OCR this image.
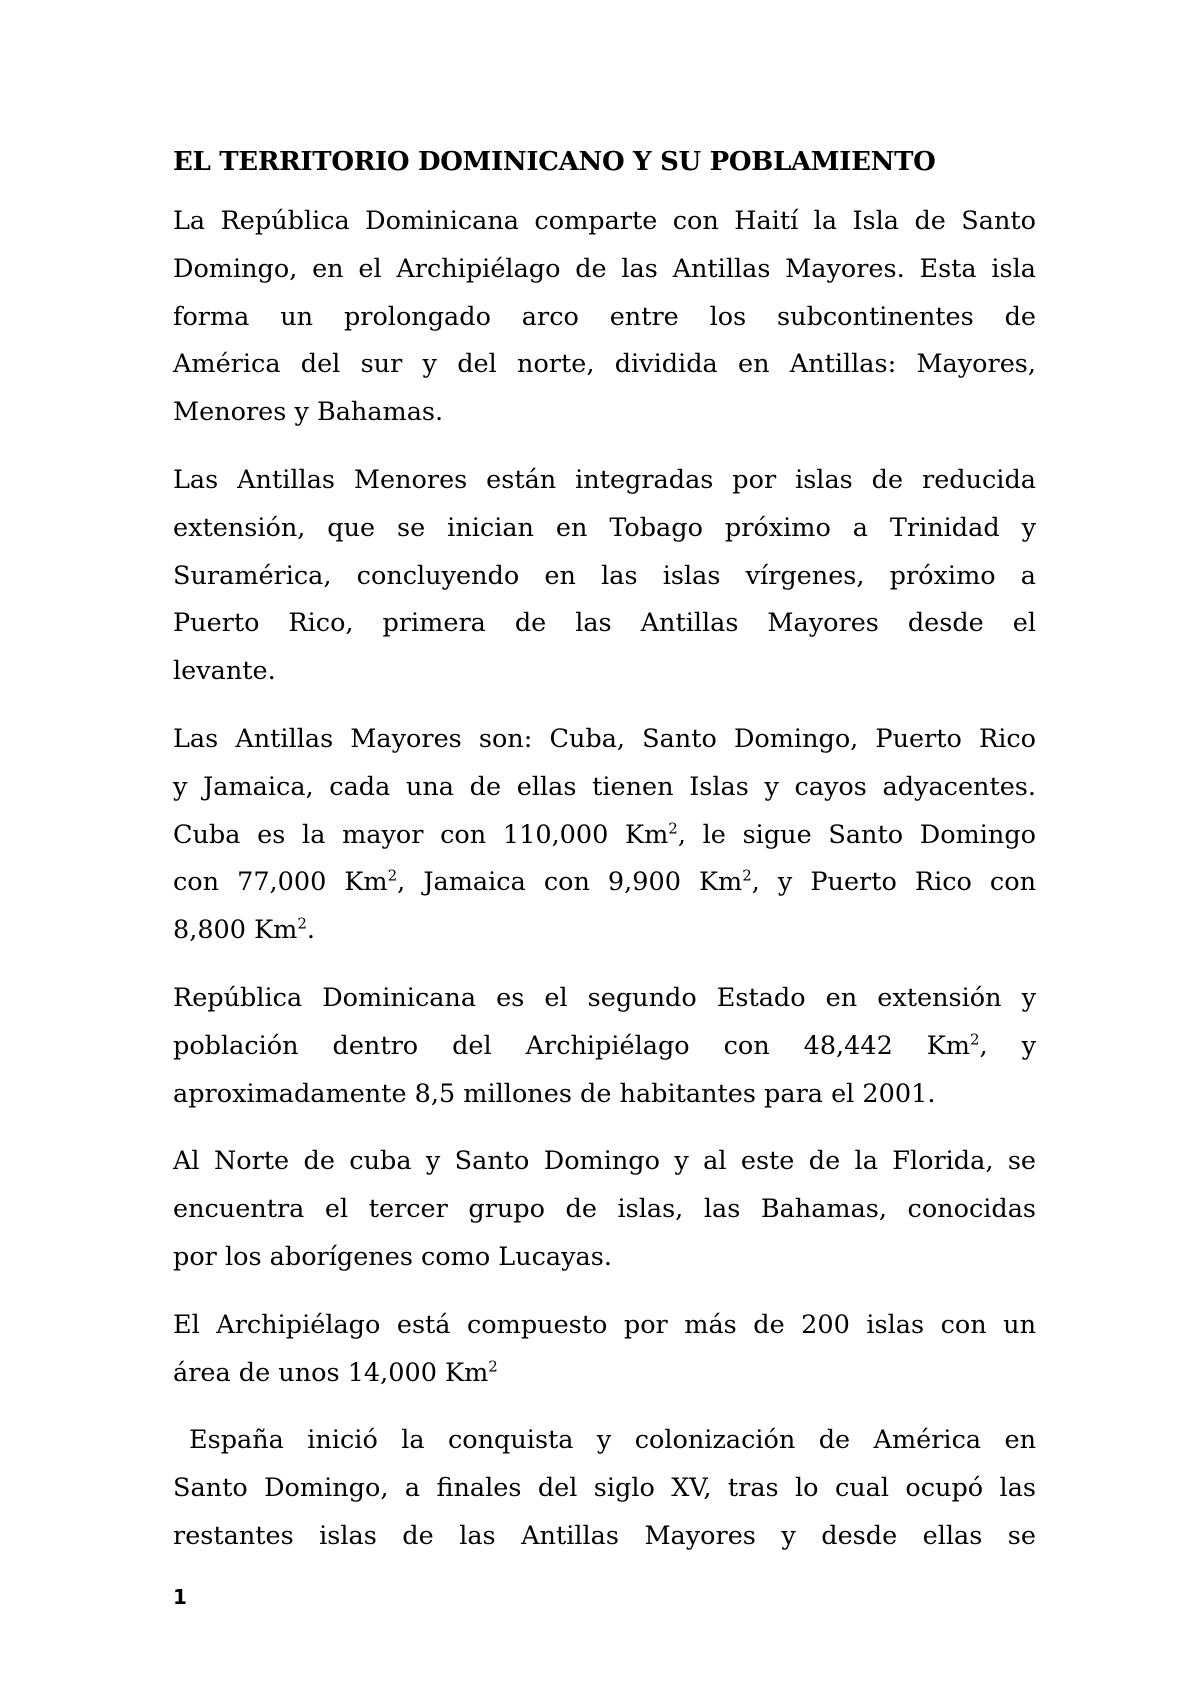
EL TERRITORIO DOMINICANO Y SU POBLAMIENTO
La República Dominicana comparte con Haití la Isla de Santo
Domingo, en el Archipiélago de las Antillas Mayores. Esta isla
forma un prolongado arco entre los subcontinentes de
América del sur y del norte, dividida en Antillas: Mayores,
Menores y Bahamas.
Las Antillas Menores están integradas por islas de reducida
extensión, que se inician en Tobago próximo a Trinidad y
Suramérica, concluyendo en las islas vírgenes, próximo a
Puerto Rico, primera de las Antillas Mayores desde el
levante.
Las Antillas Mayores son: Cuba, Santo Domingo, Puerto Rico
y Jamaica, cada una de ellas tienen Islas y cayos adyacentes.
Cuba es la mayor con 110,000 Km$^2$, le sigue Santo Domingo
con 77,000 Km$^2$, Jamaica con 9,900 Km$^2$, y Puerto Rico con
8,800 Km$^2$.
República Dominicana es el segundo Estado en extensión y
población dentro del Archipiélago con 48,442 Km$^2$, y
aproximadamente 8,5 millones de habitantes para el 2001.
Al Norte de cuba y Santo Domingo y al este de la Florida, se
encuentra el tercer grupo de islas, las Bahamas, conocidas
por los aborígenes como Lucayas.
El Archipiélago está compuesto por más de 200 islas con un
área de unos 14,000 Km$^2$
España inició la conquista y colonización de América en
Santo Domingo, a finales del siglo XV, tras lo cual ocupó las
restantes islas de las Antillas Mayores y desde ellas se
1
